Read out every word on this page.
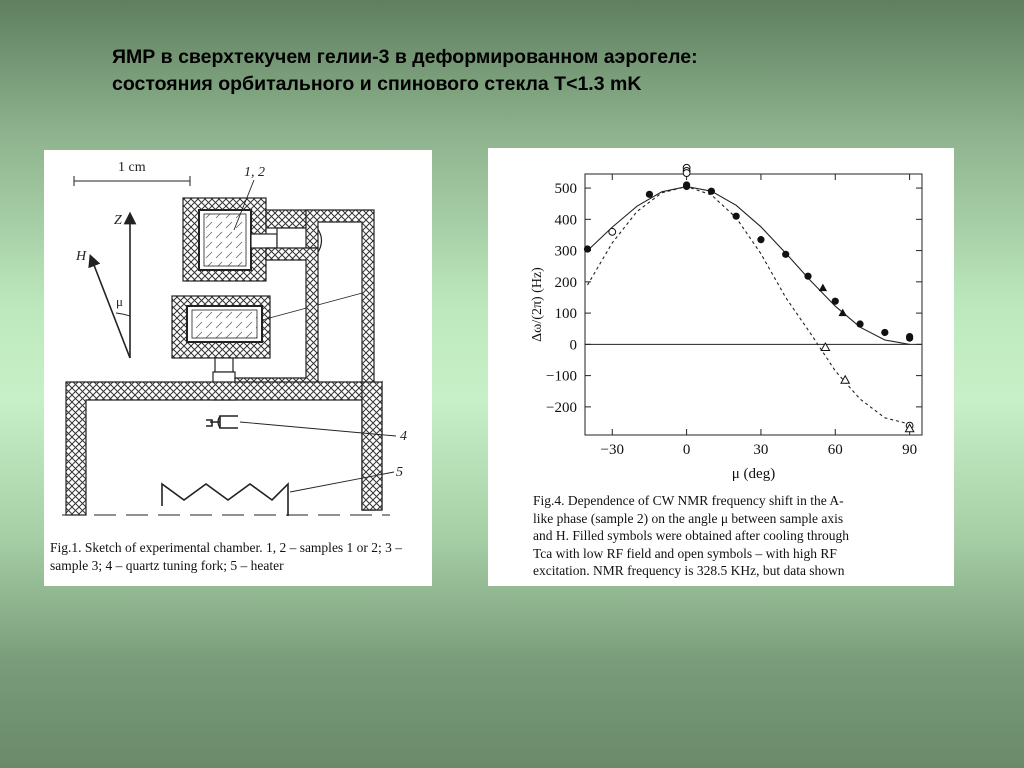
ЯМР в сверхтекучем гелии-3 в деформированном аэрогеле:
состояния орбитального и спинового стекла T<1.3 mK
1 cm
Z
H
μ
1, 2
4
5
Fig.1. Sketch of experimental chamber. 1, 2 – samples 1 or 2; 3 – sample 3; 4 – quartz tuning fork; 5 – heater
−30	0	30	60	90
500
400
300
200
100
0
−100
−200
μ (deg)
Δω/(2π) (Hz)
Fig.4. Dependence of CW NMR frequency shift in the A-
like phase (sample 2) on the angle μ between sample axis
and H. Filled symbols were obtained after cooling through
Tca with low RF field and open symbols – with high RF
excitation. NMR frequency is 328.5 KHz, but data shown
